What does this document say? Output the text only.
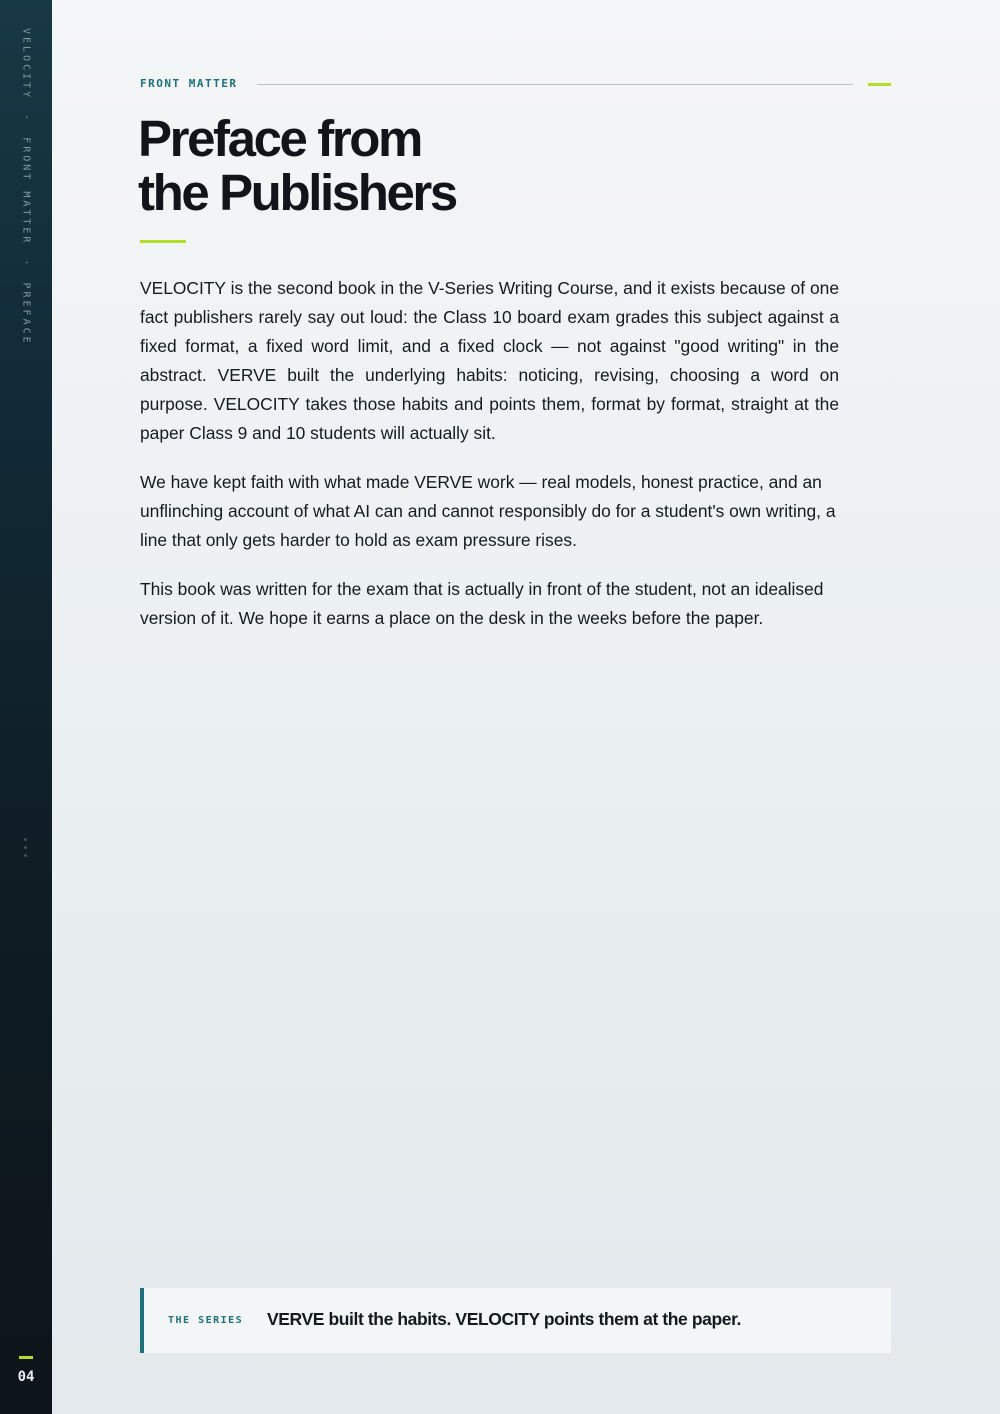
VELOCITY·FRONT MATTER·PREFACE
04
FRONT MATTER
Preface from
the Publishers

VELOCITY is the second book in the V-Series Writing Course, and it exists because of one fact publishers rarely say out loud: the Class 10 board exam grades this subject against a fixed format, a fixed word limit, and a fixed clock — not against "good writing" in the abstract. VERVE built the underlying habits: noticing, revising, choosing a word on purpose. VELOCITY takes those habits and points them, format by format, straight at the paper Class 9 and 10 students will actually sit.

We have kept faith with what made VERVE work — real models, honest practice, and an unflinching account of what AI can and cannot responsibly do for a student's own writing, a line that only gets harder to hold as exam pressure rises.

This book was written for the exam that is actually in front of the student, not an idealised version of it. We hope it earns a place on the desk in the weeks before the paper.

THE SERIES VERVE built the habits. VELOCITY points them at the paper.
